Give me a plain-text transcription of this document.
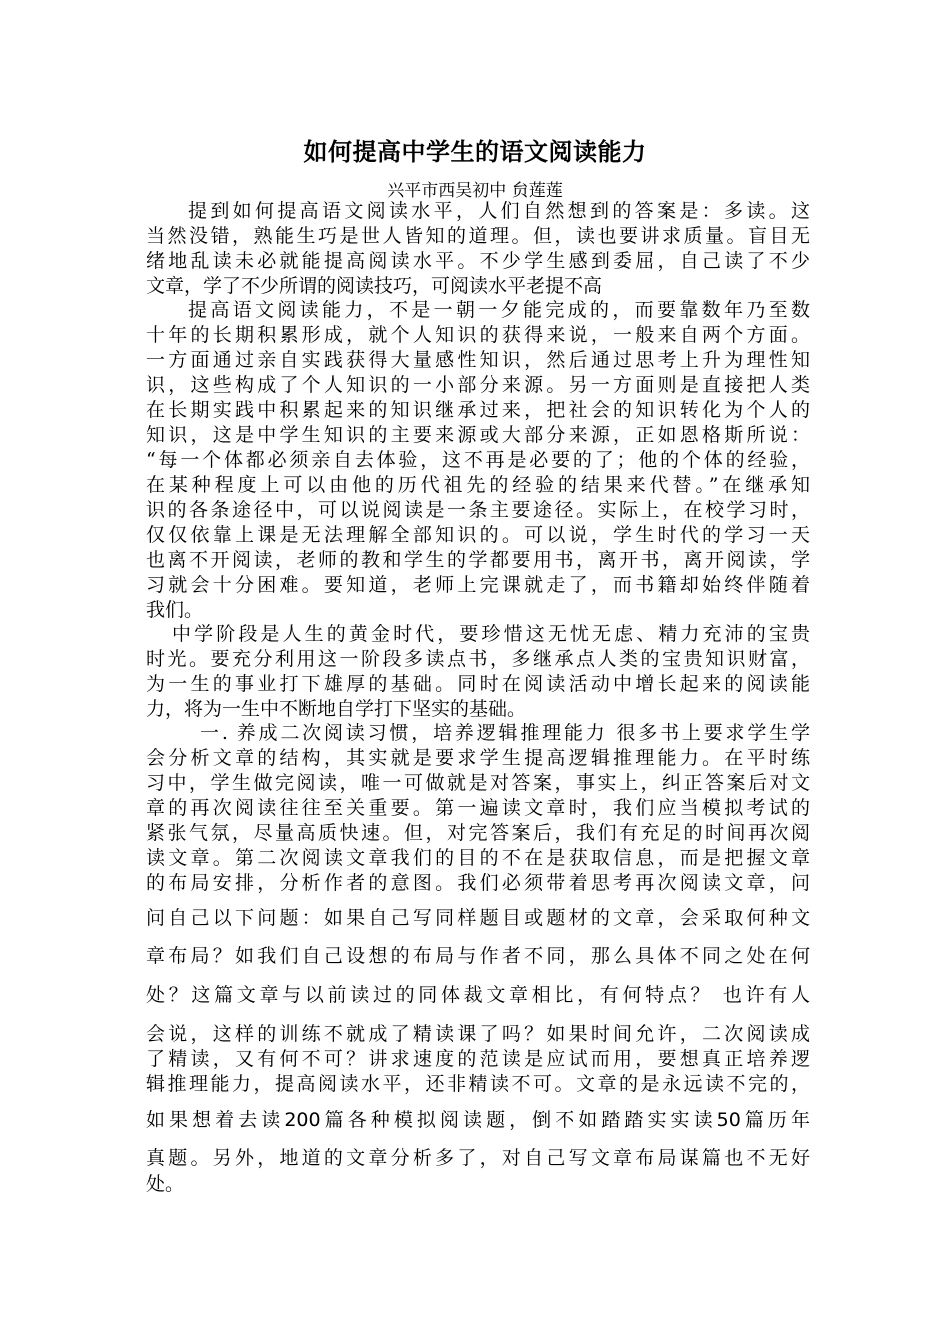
如何提高中学生的语文阅读能力
兴平市西吴初中 贠莲莲

提到如何提高语文阅读水平，人们自然想到的答案是：多读。这

当然没错，熟能生巧是世人皆知的道理。但，读也要讲求质量。盲目无

绪地乱读未必就能提高阅读水平。不少学生感到委屈，自己读了不少

文章，学了不少所谓的阅读技巧，可阅读水平老提不高

提高语文阅读能力，不是一朝一夕能完成的，而要靠数年乃至数

十年的长期积累形成，就个人知识的获得来说，一般来自两个方面。

一方面通过亲自实践获得大量感性知识，然后通过思考上升为理性知

识，这些构成了个人知识的一小部分来源。另一方面则是直接把人类

在长期实践中积累起来的知识继承过来，把社会的知识转化为个人的

知识，这是中学生知识的主要来源或大部分来源，正如恩格斯所说：

“每一个体都必须亲自去体验，这不再是必要的了；他的个体的经验，

在某种程度上可以由他的历代祖先的经验的结果来代替。”在继承知

识的各条途径中，可以说阅读是一条主要途径。实际上，在校学习时，

仅仅依靠上课是无法理解全部知识的。可以说，学生时代的学习一天

也离不开阅读，老师的教和学生的学都要用书，离开书，离开阅读，学

习就会十分困难。要知道，老师上完课就走了，而书籍却始终伴随着

我们。

中学阶段是人生的黄金时代，要珍惜这无忧无虑、精力充沛的宝贵

时光。要充分利用这一阶段多读点书，多继承点人类的宝贵知识财富，

为一生的事业打下雄厚的基础。同时在阅读活动中增长起来的阅读能

力，将为一生中不断地自学打下坚实的基础。

一. 养成二次阅读习惯，培养逻辑推理能力 很多书上要求学生学

会分析文章的结构，其实就是要求学生提高逻辑推理能力。在平时练

习中，学生做完阅读，唯一可做就是对答案，事实上，纠正答案后对文

章的再次阅读往往至关重要。第一遍读文章时，我们应当模拟考试的

紧张气氛，尽量高质快速。但，对完答案后，我们有充足的时间再次阅

读文章。第二次阅读文章我们的目的不在是获取信息，而是把握文章

的布局安排，分析作者的意图。我们必须带着思考再次阅读文章，问

问自己以下问题：如果自己写同样题目或题材的文章，会采取何种文

章布局？如我们自己设想的布局与作者不同，那么具体不同之处在何

处？这篇文章与以前读过的同体裁文章相比，有何特点？ 也许有人

会说，这样的训练不就成了精读课了吗？如果时间允许，二次阅读成

了精读，又有何不可？讲求速度的范读是应试而用，要想真正培养逻

辑推理能力，提高阅读水平，还非精读不可。文章的是永远读不完的，

如果想着去读200篇各种模拟阅读题，倒不如踏踏实实读50篇历年

真题。另外，地道的文章分析多了，对自己写文章布局谋篇也不无好

处。
